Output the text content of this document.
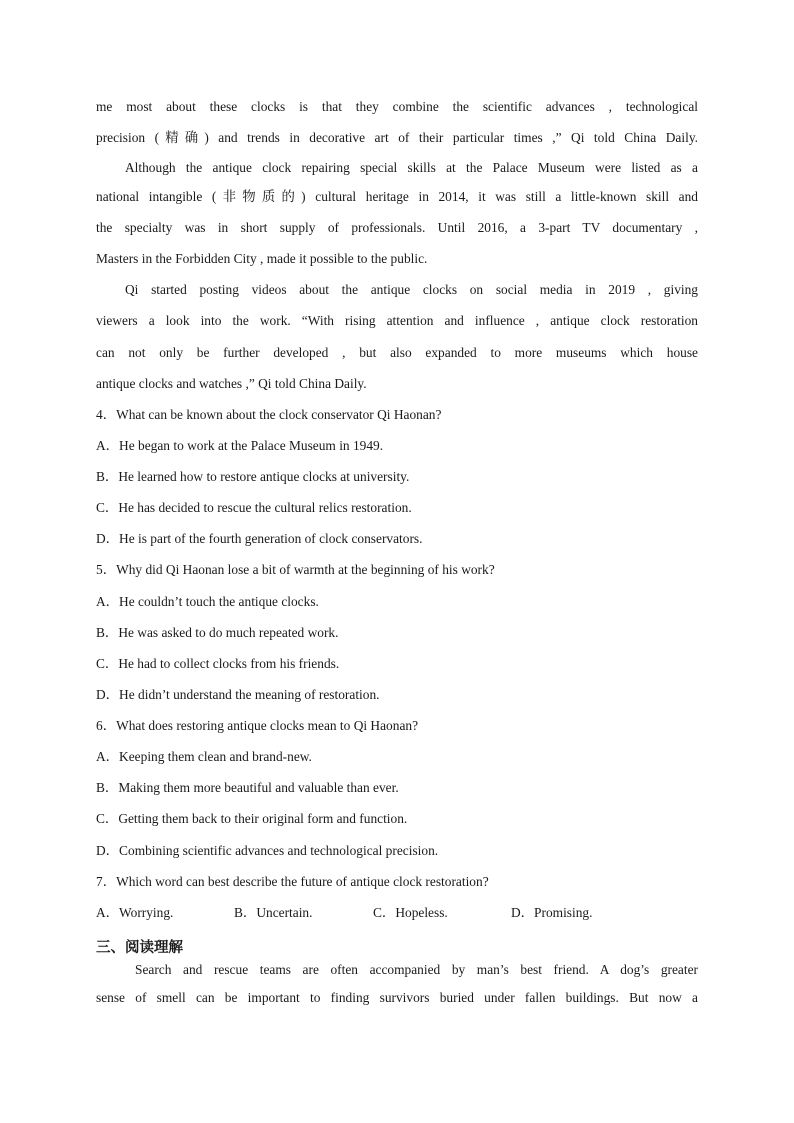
me most about these clocks is that they combine the scientific advances , technological
precision (精确) and trends in decorative art of their particular times ,” Qi told China Daily.
Although the antique clock repairing special skills at the Palace Museum were listed as a
national intangible (非物质的) cultural heritage in 2014, it was still a little-known skill and
the specialty was in short supply of professionals. Until 2016, a 3-part TV documentary ,
Masters in the Forbidden City , made it possible to the public.
Qi started posting videos about the antique clocks on social media in 2019 , giving
viewers a look into the work. “With rising attention and influence , antique clock restoration
can not only be further developed , but also expanded to more museums which house
antique clocks and watches ,” Qi told China Daily.
4．What can be known about the clock conservator Qi Haonan?
A．He began to work at the Palace Museum in 1949.
B．He learned how to restore antique clocks at university.
C．He has decided to rescue the cultural relics restoration.
D．He is part of the fourth generation of clock conservators.
5．Why did Qi Haonan lose a bit of warmth at the beginning of his work?
A．He couldn’t touch the antique clocks.
B．He was asked to do much repeated work.
C．He had to collect clocks from his friends.
D．He didn’t understand the meaning of restoration.
6．What does restoring antique clocks mean to Qi Haonan?
A．Keeping them clean and brand-new.
B．Making them more beautiful and valuable than ever.
C．Getting them back to their original form and function.
D．Combining scientific advances and technological precision.
7．Which word can best describe the future of antique clock restoration?
A．Worrying.	B．Uncertain.	C．Hopeless.	D．Promising.
三、阅读理解
Search and rescue teams are often accompanied by man’s best friend. A dog’s greater
sense of smell can be important to finding survivors buried under fallen buildings. But now a
